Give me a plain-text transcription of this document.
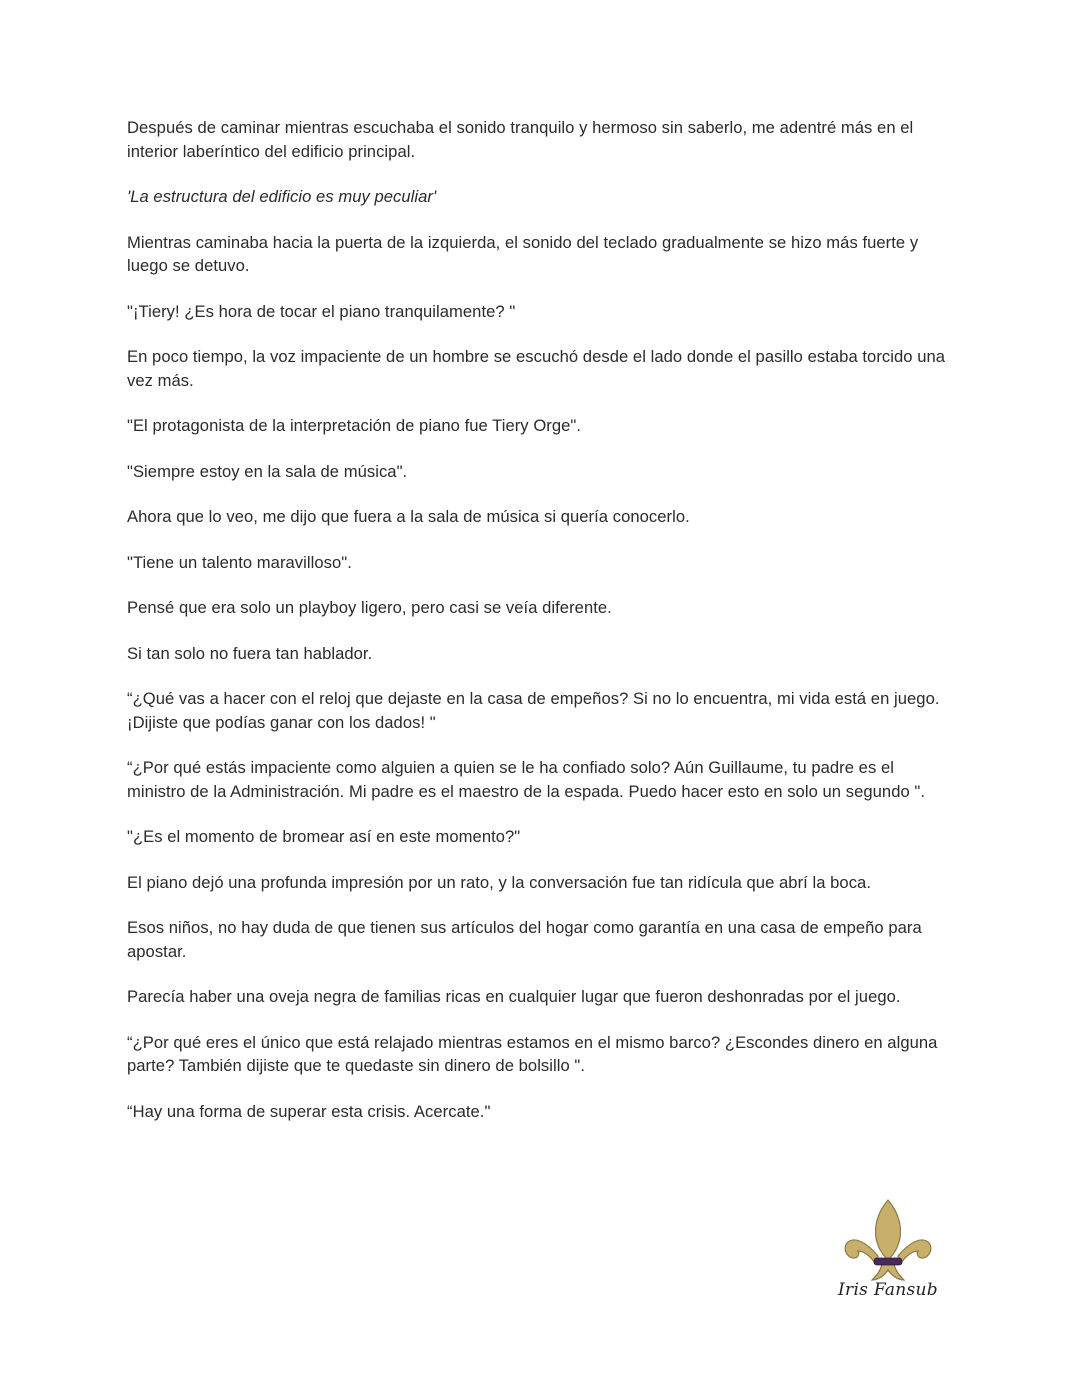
Después de caminar mientras escuchaba el sonido tranquilo y hermoso sin saberlo, me adentré más en el interior laberíntico del edificio principal.

'La estructura del edificio es muy peculiar'

Mientras caminaba hacia la puerta de la izquierda, el sonido del teclado gradualmente se hizo más fuerte y luego se detuvo.

"¡Tiery! ¿Es hora de tocar el piano tranquilamente? "

En poco tiempo, la voz impaciente de un hombre se escuchó desde el lado donde el pasillo estaba torcido una vez más.

"El protagonista de la interpretación de piano fue Tiery Orge".

"Siempre estoy en la sala de música".

Ahora que lo veo, me dijo que fuera a la sala de música si quería conocerlo.

"Tiene un talento maravilloso".

Pensé que era solo un playboy ligero, pero casi se veía diferente.

Si tan solo no fuera tan hablador.

“¿Qué vas a hacer con el reloj que dejaste en la casa de empeños? Si no lo encuentra, mi vida está en juego. ¡Dijiste que podías ganar con los dados! "

“¿Por qué estás impaciente como alguien a quien se le ha confiado solo? Aún Guillaume, tu padre es el ministro de la Administración. Mi padre es el maestro de la espada. Puedo hacer esto en solo un segundo ".

"¿Es el momento de bromear así en este momento?"

El piano dejó una profunda impresión por un rato, y la conversación fue tan ridícula que abrí la boca.

Esos niños, no hay duda de que tienen sus artículos del hogar como garantía en una casa de empeño para apostar.

Parecía haber una oveja negra de familias ricas en cualquier lugar que fueron deshonradas por el juego.

“¿Por qué eres el único que está relajado mientras estamos en el mismo barco? ¿Escondes dinero en alguna parte? También dijiste que te quedaste sin dinero de bolsillo ".

“Hay una forma de superar esta crisis. Acercate."

Iris Fansub
